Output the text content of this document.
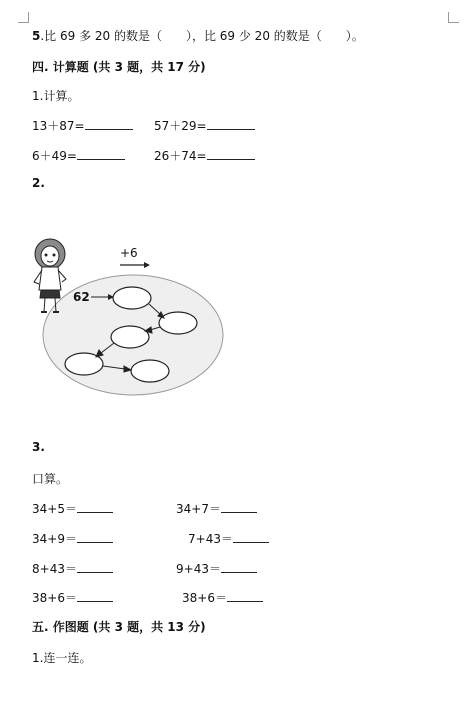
5.比 69 多 20 的数是（　　），比 69 少 20 的数是（　　）。
四. 计算题 (共 3 题，共 17 分)
1.计算。
13＋87=	57＋29=
6＋49=	26＋74=
2.
+6
62
3.
口算。
34+5＝	34+7＝
34+9＝	7+43＝
8+43＝	9+43＝
38+6＝	38+6＝
五. 作图题 (共 3 题，共 13 分)
1.连一连。
